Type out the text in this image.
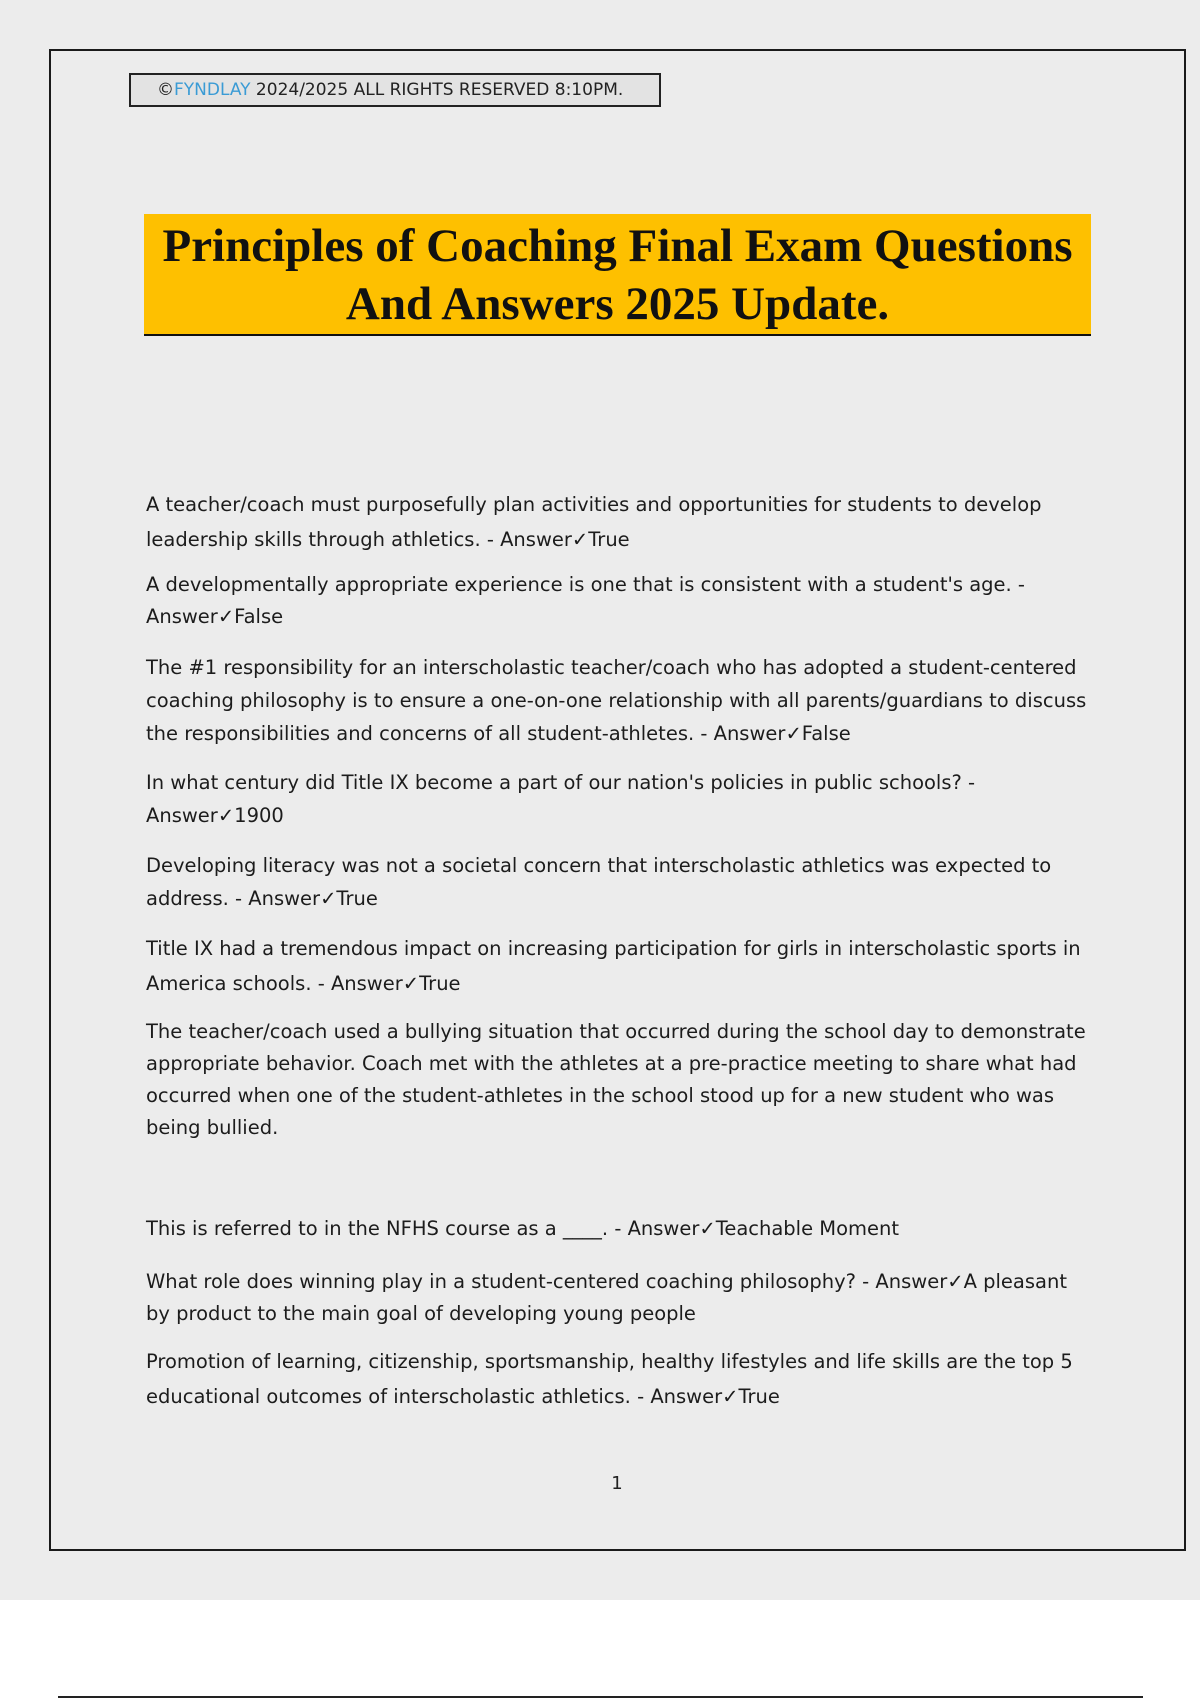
©FYNDLAY 2024/2025 ALL RIGHTS RESERVED 8:10PM.
Principles of Coaching Final Exam Questions
And Answers 2025 Update.

A teacher/coach must purposefully plan activities and opportunities for students to develop leadership skills through athletics. - Answer✓True

A developmentally appropriate experience is one that is consistent with a student's age. - Answer✓False

The #1 responsibility for an interscholastic teacher/coach who has adopted a student-centered coaching philosophy is to ensure a one-on-one relationship with all parents/guardians to discuss the responsibilities and concerns of all student-athletes. - Answer✓False

In what century did Title IX become a part of our nation's policies in public schools? - Answer✓1900

Developing literacy was not a societal concern that interscholastic athletics was expected to address. - Answer✓True

Title IX had a tremendous impact on increasing participation for girls in interscholastic sports in America schools. - Answer✓True

The teacher/coach used a bullying situation that occurred during the school day to demonstrate appropriate behavior. Coach met with the athletes at a pre-practice meeting to share what had occurred when one of the student-athletes in the school stood up for a new student who was being bullied.

This is referred to in the NFHS course as a ____. - Answer✓Teachable Moment

What role does winning play in a student-centered coaching philosophy? - Answer✓A pleasant by product to the main goal of developing young people

Promotion of learning, citizenship, sportsmanship, healthy lifestyles and life skills are the top 5 educational outcomes of interscholastic athletics. - Answer✓True

1
